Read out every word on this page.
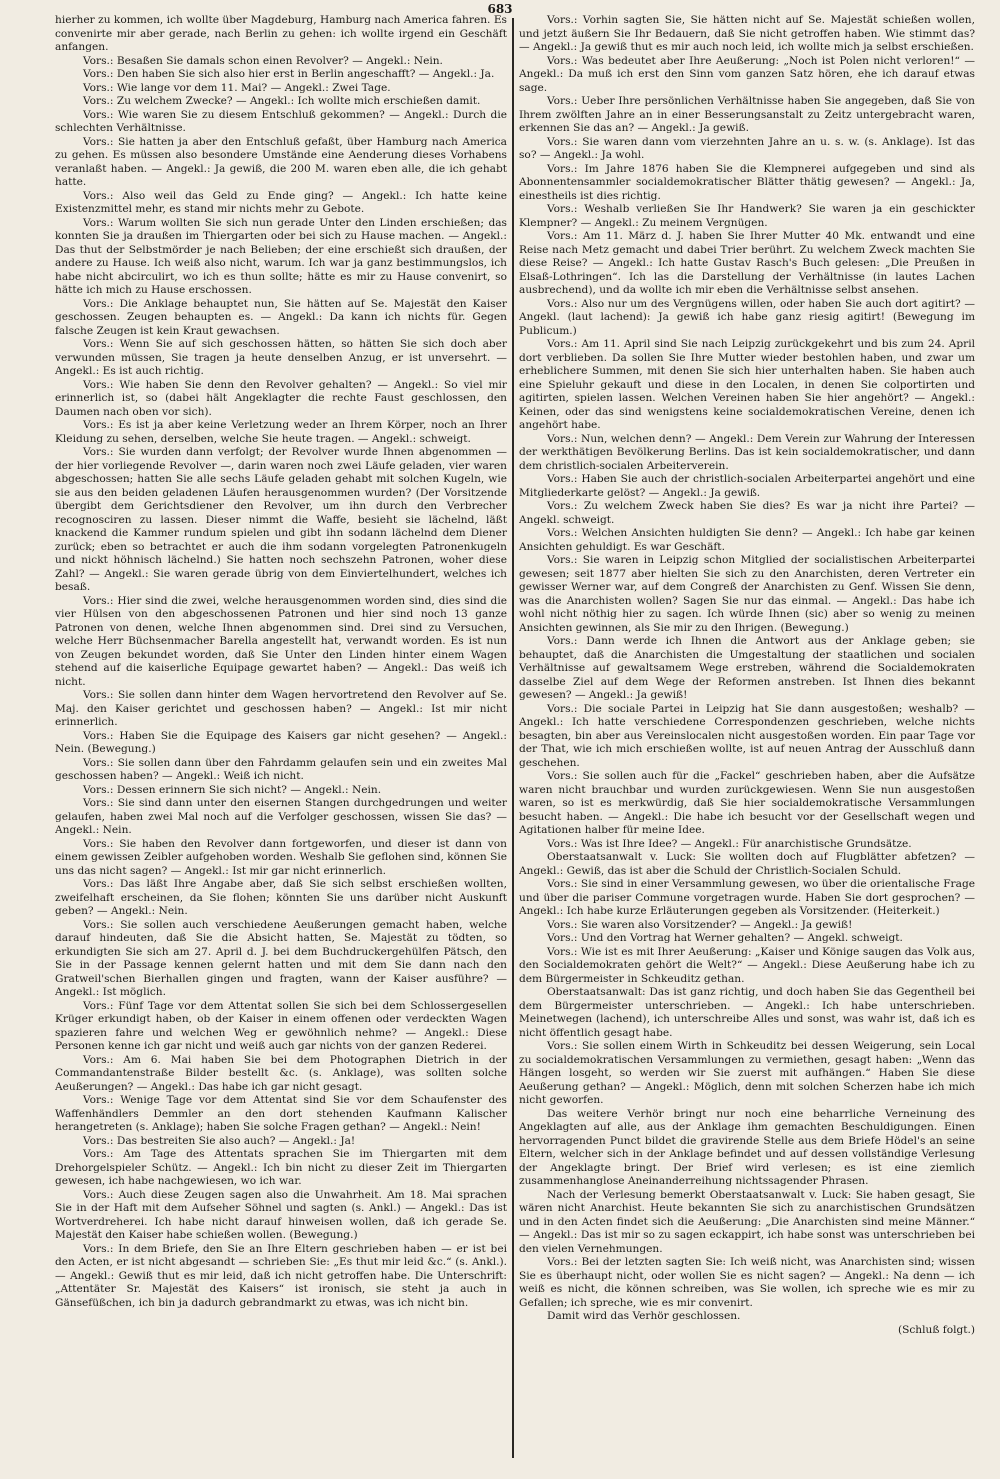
683

hierher zu kommen, ich wollte über Magdeburg, Hamburg nach America fahren. Es convenirte mir aber gerade, nach Berlin zu gehen: ich wollte irgend ein Geschäft anfangen.

Vors.: Besaßen Sie damals schon einen Revolver? — Angekl.: Nein.

Vors.: Den haben Sie sich also hier erst in Berlin angeschafft? — Angekl.: Ja.

Vors.: Wie lange vor dem 11. Mai? — Angekl.: Zwei Tage.

Vors.: Zu welchem Zwecke? — Angekl.: Ich wollte mich erschießen damit.

Vors.: Wie waren Sie zu diesem Entschluß gekommen? — Angekl.: Durch die schlechten Verhältnisse.

Vors.: Sie hatten ja aber den Entschluß gefaßt, über Hamburg nach America zu gehen. Es müssen also besondere Umstände eine Aenderung dieses Vorhabens veranlaßt haben. — Angekl.: Ja gewiß, die 200 M. waren eben alle, die ich gehabt hatte.

Vors.: Also weil das Geld zu Ende ging? — Angekl.: Ich hatte keine Existenzmittel mehr, es stand mir nichts mehr zu Gebote.

Vors.: Warum wollten Sie sich nun gerade Unter den Linden erschießen; das konnten Sie ja draußen im Thiergarten oder bei sich zu Hause machen. — Angekl.: Das thut der Selbstmörder je nach Belieben; der eine erschießt sich draußen, der andere zu Hause. Ich weiß also nicht, warum. Ich war ja ganz bestimmungslos, ich habe nicht abcirculirt, wo ich es thun sollte; hätte es mir zu Hause convenirt, so hätte ich mich zu Hause erschossen.

Vors.: Die Anklage behauptet nun, Sie hätten auf Se. Majestät den Kaiser geschossen. Zeugen behaupten es. — Angekl.: Da kann ich nichts für. Gegen falsche Zeugen ist kein Kraut gewachsen.

Vors.: Wenn Sie auf sich geschossen hätten, so hätten Sie sich doch aber verwunden müssen, Sie tragen ja heute denselben Anzug, er ist unversehrt. — Angekl.: Es ist auch richtig.

Vors.: Wie haben Sie denn den Revolver gehalten? — Angekl.: So viel mir erinnerlich ist, so (dabei hält Angeklagter die rechte Faust geschlossen, den Daumen nach oben vor sich).

Vors.: Es ist ja aber keine Verletzung weder an Ihrem Körper, noch an Ihrer Kleidung zu sehen, derselben, welche Sie heute tragen. — Angekl.: schweigt.

Vors.: Sie wurden dann verfolgt; der Revolver wurde Ihnen abgenommen — der hier vorliegende Revolver —, darin waren noch zwei Läufe geladen, vier waren abgeschossen; hatten Sie alle sechs Läufe geladen gehabt mit solchen Kugeln, wie sie aus den beiden geladenen Läufen herausgenommen wurden? (Der Vorsitzende übergibt dem Gerichtsdiener den Revolver, um ihn durch den Verbrecher recognosciren zu lassen. Dieser nimmt die Waffe, besieht sie lächelnd, läßt knackend die Kammer rundum spielen und gibt ihn sodann lächelnd dem Diener zurück; eben so betrachtet er auch die ihm sodann vorgelegten Patronenkugeln und nickt höhnisch lächelnd.) Sie hatten noch sechszehn Patronen, woher diese Zahl? — Angekl.: Sie waren gerade übrig von dem Einviertelhundert, welches ich besaß.

Vors.: Hier sind die zwei, welche herausgenommen worden sind, dies sind die vier Hülsen von den abgeschossenen Patronen und hier sind noch 13 ganze Patronen von denen, welche Ihnen abgenommen sind. Drei sind zu Versuchen, welche Herr Büchsenmacher Barella angestellt hat, verwandt worden. Es ist nun von Zeugen bekundet worden, daß Sie Unter den Linden hinter einem Wagen stehend auf die kaiserliche Equipage gewartet haben? — Angekl.: Das weiß ich nicht.

Vors.: Sie sollen dann hinter dem Wagen hervortretend den Revolver auf Se. Maj. den Kaiser gerichtet und geschossen haben? — Angekl.: Ist mir nicht erinnerlich.

Vors.: Haben Sie die Equipage des Kaisers gar nicht gesehen? — Angekl.: Nein. (Bewegung.)

Vors.: Sie sollen dann über den Fahrdamm gelaufen sein und ein zweites Mal geschossen haben? — Angekl.: Weiß ich nicht.

Vors.: Dessen erinnern Sie sich nicht? — Angekl.: Nein.

Vors.: Sie sind dann unter den eisernen Stangen durchgedrungen und weiter gelaufen, haben zwei Mal noch auf die Verfolger geschossen, wissen Sie das? — Angekl.: Nein.

Vors.: Sie haben den Revolver dann fortgeworfen, und dieser ist dann von einem gewissen Zeibler aufgehoben worden. Weshalb Sie geflohen sind, können Sie uns das nicht sagen? — Angekl.: Ist mir gar nicht erinnerlich.

Vors.: Das läßt Ihre Angabe aber, daß Sie sich selbst erschießen wollten, zweifelhaft erscheinen, da Sie flohen; könnten Sie uns darüber nicht Auskunft geben? — Angekl.: Nein.

Vors.: Sie sollen auch verschiedene Aeußerungen gemacht haben, welche darauf hindeuten, daß Sie die Absicht hatten, Se. Majestät zu tödten, so erkundigten Sie sich am 27. April d. J. bei dem Buchdruckergehülfen Pätsch, den Sie in der Passage kennen gelernt hatten und mit dem Sie dann nach den Gratweil'schen Bierhallen gingen und fragten, wann der Kaiser ausführe? — Angekl.: Ist möglich.

Vors.: Fünf Tage vor dem Attentat sollen Sie sich bei dem Schlossergesellen Krüger erkundigt haben, ob der Kaiser in einem offenen oder verdeckten Wagen spazieren fahre und welchen Weg er gewöhnlich nehme? — Angekl.: Diese Personen kenne ich gar nicht und weiß auch gar nichts von der ganzen Rederei.

Vors.: Am 6. Mai haben Sie bei dem Photographen Dietrich in der Commandantenstraße Bilder bestellt &c. (s. Anklage), was sollten solche Aeußerungen? — Angekl.: Das habe ich gar nicht gesagt.

Vors.: Wenige Tage vor dem Attentat sind Sie vor dem Schaufenster des Waffenhändlers Demmler an den dort stehenden Kaufmann Kalischer herangetreten (s. Anklage); haben Sie solche Fragen gethan? — Angekl.: Nein!

Vors.: Das bestreiten Sie also auch? — Angekl.: Ja!

Vors.: Am Tage des Attentats sprachen Sie im Thiergarten mit dem Drehorgelspieler Schütz. — Angekl.: Ich bin nicht zu dieser Zeit im Thiergarten gewesen, ich habe nachgewiesen, wo ich war.

Vors.: Auch diese Zeugen sagen also die Unwahrheit. Am 18. Mai sprachen Sie in der Haft mit dem Aufseher Söhnel und sagten (s. Ankl.) — Angekl.: Das ist Wortverdreherei. Ich habe nicht darauf hinweisen wollen, daß ich gerade Se. Majestät den Kaiser habe schießen wollen. (Bewegung.)

Vors.: In dem Briefe, den Sie an Ihre Eltern geschrieben haben — er ist bei den Acten, er ist nicht abgesandt — schrieben Sie: „Es thut mir leid &c.“ (s. Ankl.). — Angekl.: Gewiß thut es mir leid, daß ich nicht getroffen habe. Die Unterschrift: „Attentäter Sr. Majestät des Kaisers“ ist ironisch, sie steht ja auch in Gänsefüßchen, ich bin ja dadurch gebrandmarkt zu etwas, was ich nicht bin.

Vors.: Vorhin sagten Sie, Sie hätten nicht auf Se. Majestät schießen wollen, und jetzt äußern Sie Ihr Bedauern, daß Sie nicht getroffen haben. Wie stimmt das? — Angekl.: Ja gewiß thut es mir auch noch leid, ich wollte mich ja selbst erschießen.

Vors.: Was bedeutet aber Ihre Aeußerung: „Noch ist Polen nicht verloren!“ — Angekl.: Da muß ich erst den Sinn vom ganzen Satz hören, ehe ich darauf etwas sage.

Vors.: Ueber Ihre persönlichen Verhältnisse haben Sie angegeben, daß Sie von Ihrem zwölften Jahre an in einer Besserungsanstalt zu Zeitz untergebracht waren, erkennen Sie das an? — Angekl.: Ja gewiß.

Vors.: Sie waren dann vom vierzehnten Jahre an u. s. w. (s. Anklage). Ist das so? — Angekl.: Ja wohl.

Vors.: Im Jahre 1876 haben Sie die Klempnerei aufgegeben und sind als Abonnentensammler socialdemokratischer Blätter thätig gewesen? — Angekl.: Ja, einestheils ist dies richtig.

Vors.: Weshalb verließen Sie Ihr Handwerk? Sie waren ja ein geschickter Klempner? — Angekl.: Zu meinem Vergnügen.

Vors.: Am 11. März d. J. haben Sie Ihrer Mutter 40 Mk. entwandt und eine Reise nach Metz gemacht und dabei Trier berührt. Zu welchem Zweck machten Sie diese Reise? — Angekl.: Ich hatte Gustav Rasch's Buch gelesen: „Die Preußen in Elsaß-Lothringen“. Ich las die Darstellung der Verhältnisse (in lautes Lachen ausbrechend), und da wollte ich mir eben die Verhältnisse selbst ansehen.

Vors.: Also nur um des Vergnügens willen, oder haben Sie auch dort agitirt? — Angekl. (laut lachend): Ja gewiß ich habe ganz riesig agitirt! (Bewegung im Publicum.)

Vors.: Am 11. April sind Sie nach Leipzig zurückgekehrt und bis zum 24. April dort verblieben. Da sollen Sie Ihre Mutter wieder bestohlen haben, und zwar um erheblichere Summen, mit denen Sie sich hier unterhalten haben. Sie haben auch eine Spieluhr gekauft und diese in den Localen, in denen Sie colportirten und agitirten, spielen lassen. Welchen Vereinen haben Sie hier angehört? — Angekl.: Keinen, oder das sind wenigstens keine socialdemokratischen Vereine, denen ich angehört habe.

Vors.: Nun, welchen denn? — Angekl.: Dem Verein zur Wahrung der Interessen der werkthätigen Bevölkerung Berlins. Das ist kein socialdemokratischer, und dann dem christlich-socialen Arbeiterverein.

Vors.: Haben Sie auch der christlich-socialen Arbeiterpartei angehört und eine Mitgliederkarte gelöst? — Angekl.: Ja gewiß.

Vors.: Zu welchem Zweck haben Sie dies? Es war ja nicht ihre Partei? — Angekl. schweigt.

Vors.: Welchen Ansichten huldigten Sie denn? — Angekl.: Ich habe gar keinen Ansichten gehuldigt. Es war Geschäft.

Vors.: Sie waren in Leipzig schon Mitglied der socialistischen Arbeiterpartei gewesen; seit 1877 aber hielten Sie sich zu den Anarchisten, deren Vertreter ein gewisser Werner war, auf dem Congreß der Anarchisten zu Genf. Wissen Sie denn, was die Anarchisten wollen? Sagen Sie nur das einmal. — Angekl.: Das habe ich wohl nicht nöthig hier zu sagen. Ich würde Ihnen (sic) aber so wenig zu meinen Ansichten gewinnen, als Sie mir zu den Ihrigen. (Bewegung.)

Vors.: Dann werde ich Ihnen die Antwort aus der Anklage geben; sie behauptet, daß die Anarchisten die Umgestaltung der staatlichen und socialen Verhältnisse auf gewaltsamem Wege erstreben, während die Socialdemokraten dasselbe Ziel auf dem Wege der Reformen anstreben. Ist Ihnen dies bekannt gewesen? — Angekl.: Ja gewiß!

Vors.: Die sociale Partei in Leipzig hat Sie dann ausgestoßen; weshalb? — Angekl.: Ich hatte verschiedene Correspondenzen geschrieben, welche nichts besagten, bin aber aus Vereinslocalen nicht ausgestoßen worden. Ein paar Tage vor der That, wie ich mich erschießen wollte, ist auf neuen Antrag der Ausschluß dann geschehen.

Vors.: Sie sollen auch für die „Fackel“ geschrieben haben, aber die Aufsätze waren nicht brauchbar und wurden zurückgewiesen. Wenn Sie nun ausgestoßen waren, so ist es merkwürdig, daß Sie hier socialdemokratische Versammlungen besucht haben. — Angekl.: Die habe ich besucht vor der Gesellschaft wegen und Agitationen halber für meine Idee.

Vors.: Was ist Ihre Idee? — Angekl.: Für anarchistische Grundsätze.

Oberstaatsanwalt v. Luck: Sie wollten doch auf Flugblätter abfetzen? — Angekl.: Gewiß, das ist aber die Schuld der Christlich-Socialen Schuld.

Vors.: Sie sind in einer Versammlung gewesen, wo über die orientalische Frage und über die pariser Commune vorgetragen wurde. Haben Sie dort gesprochen? — Angekl.: Ich habe kurze Erläuterungen gegeben als Vorsitzender. (Heiterkeit.)

Vors.: Sie waren also Vorsitzender? — Angekl.: Ja gewiß!

Vors.: Und den Vortrag hat Werner gehalten? — Angekl. schweigt.

Vors.: Wie ist es mit Ihrer Aeußerung: „Kaiser und Könige saugen das Volk aus, den Socialdemokraten gehört die Welt?“ — Angekl.: Diese Aeußerung habe ich zu dem Bürgermeister in Schkeuditz gethan.

Oberstaatsanwalt: Das ist ganz richtig, und doch haben Sie das Gegentheil bei dem Bürgermeister unterschrieben. — Angekl.: Ich habe unterschrieben. Meinetwegen (lachend), ich unterschreibe Alles und sonst, was wahr ist, daß ich es nicht öffentlich gesagt habe.

Vors.: Sie sollen einem Wirth in Schkeuditz bei dessen Weigerung, sein Local zu socialdemokratischen Versammlungen zu vermiethen, gesagt haben: „Wenn das Hängen losgeht, so werden wir Sie zuerst mit aufhängen.“ Haben Sie diese Aeußerung gethan? — Angekl.: Möglich, denn mit solchen Scherzen habe ich mich nicht geworfen.

Das weitere Verhör bringt nur noch eine beharrliche Verneinung des Angeklagten auf alle, aus der Anklage ihm gemachten Beschuldigungen. Einen hervorragenden Punct bildet die gravirende Stelle aus dem Briefe Hödel's an seine Eltern, welcher sich in der Anklage befindet und auf dessen vollständige Verlesung der Angeklagte bringt. Der Brief wird verlesen; es ist eine ziemlich zusammenhanglose Aneinanderreihung nichtssagender Phrasen.

Nach der Verlesung bemerkt Oberstaatsanwalt v. Luck: Sie haben gesagt, Sie wären nicht Anarchist. Heute bekannten Sie sich zu anarchistischen Grundsätzen und in den Acten findet sich die Aeußerung: „Die Anarchisten sind meine Männer.“ — Angekl.: Das ist mir so zu sagen eckappirt, ich habe sonst was unterschrieben bei den vielen Vernehmungen.

Vors.: Bei der letzten sagten Sie: Ich weiß nicht, was Anarchisten sind; wissen Sie es überhaupt nicht, oder wollen Sie es nicht sagen? — Angekl.: Na denn — ich weiß es nicht, die können schreiben, was Sie wollen, ich spreche wie es mir zu Gefallen; ich spreche, wie es mir convenirt.

Damit wird das Verhör geschlossen.

(Schluß folgt.)
